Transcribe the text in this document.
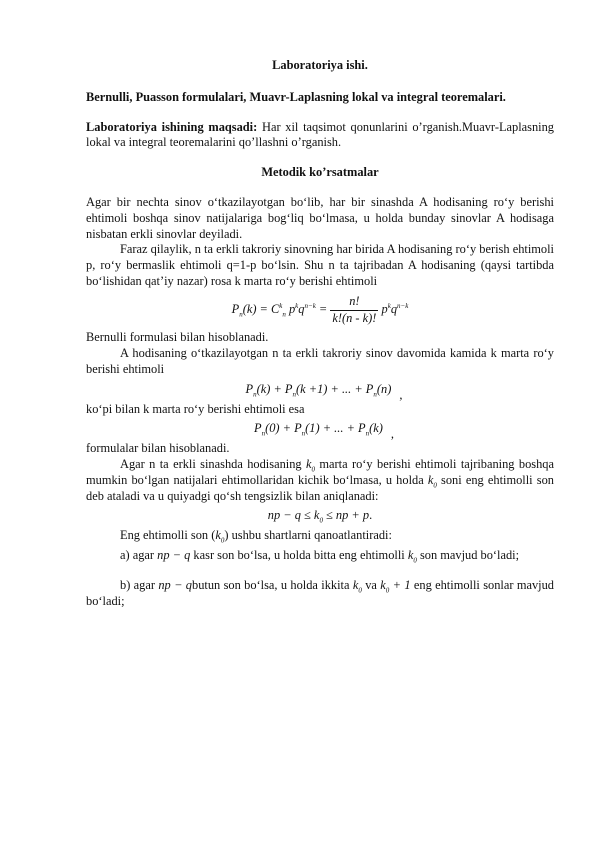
Laboratoriya ishi.

Bernulli, Puasson formulalari, Muavr-Laplasning lokal va integral teoremalari.

Laboratoriya ishining maqsadi: Har xil taqsimot qonunlarini o’rganish.Muavr-Laplasning lokal va integral teoremalarini qo’llashni o’rganish.

Metodik ko’rsatmalar

Agar bir nechta sinov o‘tkazilayotgan bo‘lib, har bir sinashda A hodisaning ro‘y berishi ehtimoli boshqa sinov natijalariga bog‘liq bo‘lmasa, u holda bunday sinovlar A hodisaga nisbatan erkli sinovlar deyiladi.

Faraz qilaylik, n ta erkli takroriy sinovning har birida A hodisaning ro‘y berish ehtimoli p, ro‘y bermaslik ehtimoli q=1-p bo‘lsin. Shu n ta tajribadan A hodisaning (qaysi tartibda bo‘lishidan qat’iy nazar) rosa k marta ro‘y berishi ehtimoli

$P_n(k) = C^k_n$ $p^kq^{n-k} = \frac{n!}{k!(n - k)!} p^kq^{n-k}$

Bernulli formulasi bilan hisoblanadi.

A hodisaning o‘tkazilayotgan n ta erkli takroriy sinov davomida kamida k marta ro‘y berishi ehtimoli

$P_n(k) + P_n(k +1)$ + ... + $P_n(n)$ ,

ko‘pi bilan k marta ro‘y berishi ehtimoli esa

$P_n(0) + P_n(1)$ + ... + $P_n(k)$ ,

formulalar bilan hisoblanadi.

Agar n ta erkli sinashda hodisaning $k_0$ marta ro‘y berishi ehtimoli tajribaning boshqa mumkin bo‘lgan natijalari ehtimollaridan kichik bo‘lmasa, u holda $k_0$ soni eng ehtimolli son deb ataladi va u quiyadgi qo‘sh tengsizlik bilan aniqlanadi:

np − $q \le k_0$ ≤ np + p.

Eng ehtimolli son $(k_0)$ ushbu shartlarni qanoatlantiradi:

a) agar np − q kasr son bo‘lsa, u holda bitta eng ehtimolli $k_0$ son mavjud bo‘ladi;

b) agar np − qbutun son bo‘lsa, u holda ikkita $k_0$ va $k_0 + 1$ eng ehtimolli sonlar mavjud bo‘ladi;
